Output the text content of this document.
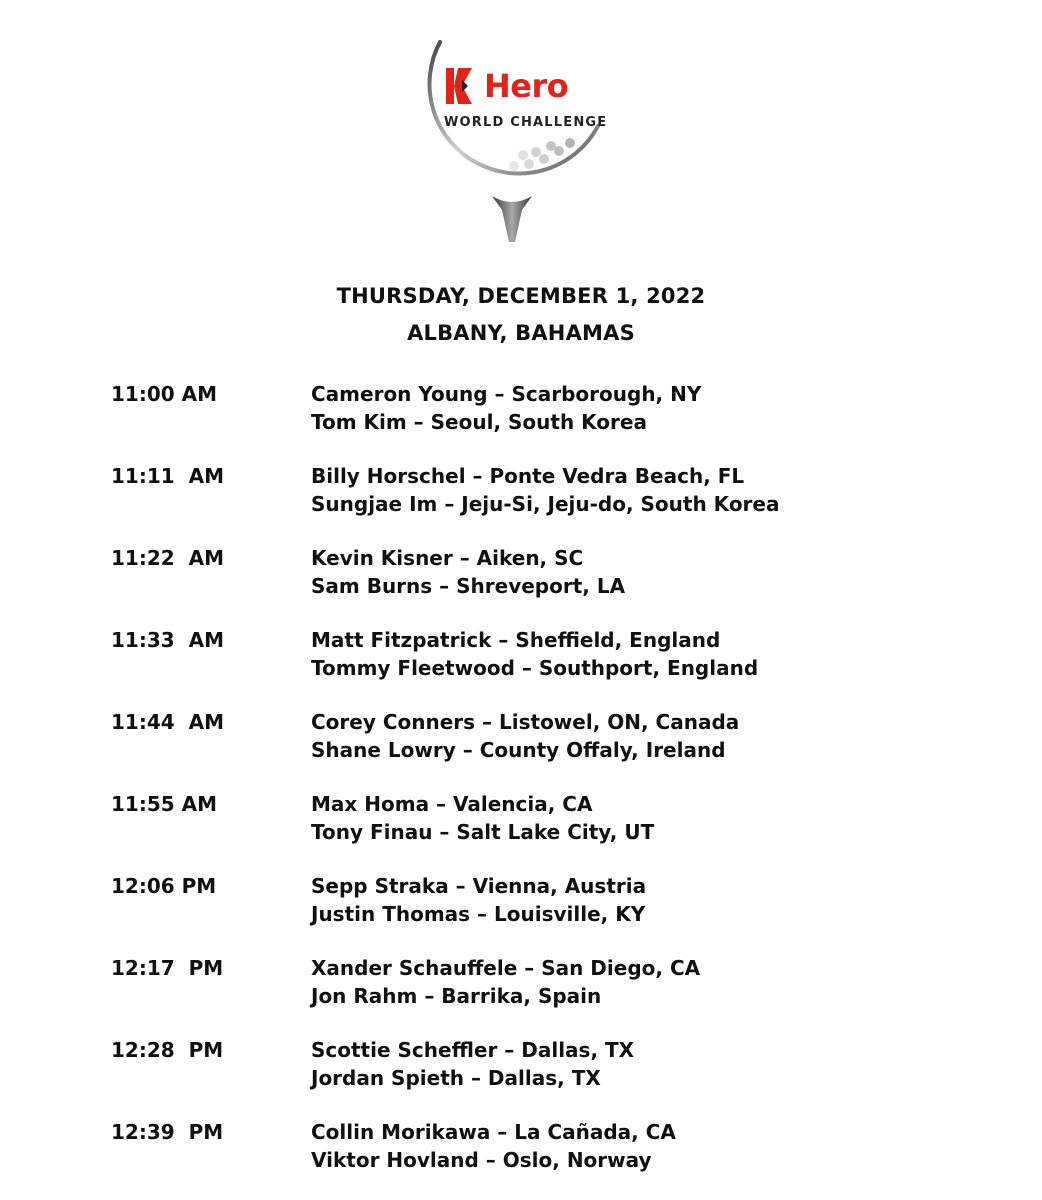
Hero
WORLD CHALLENGE
THURSDAY, DECEMBER 1, 2022
ALBANY, BAHAMAS
11:00 AM	Cameron Young – Scarborough, NY
Tom Kim – Seoul, South Korea
11:11  AM	Billy Horschel – Ponte Vedra Beach, FL
Sungjae Im – Jeju-Si, Jeju-do, South Korea
11:22  AM	Kevin Kisner – Aiken, SC
Sam Burns – Shreveport, LA
11:33  AM	Matt Fitzpatrick – Sheffield, England
Tommy Fleetwood – Southport, England
11:44  AM	Corey Conners – Listowel, ON, Canada
Shane Lowry – County Offaly, Ireland
11:55 AM	Max Homa – Valencia, CA
Tony Finau – Salt Lake City, UT
12:06 PM	Sepp Straka – Vienna, Austria
Justin Thomas – Louisville, KY
12:17  PM	Xander Schauffele – San Diego, CA
Jon Rahm – Barrika, Spain
12:28  PM	Scottie Scheffler – Dallas, TX
Jordan Spieth – Dallas, TX
12:39  PM	Collin Morikawa – La Cañada, CA
Viktor Hovland – Oslo, Norway
